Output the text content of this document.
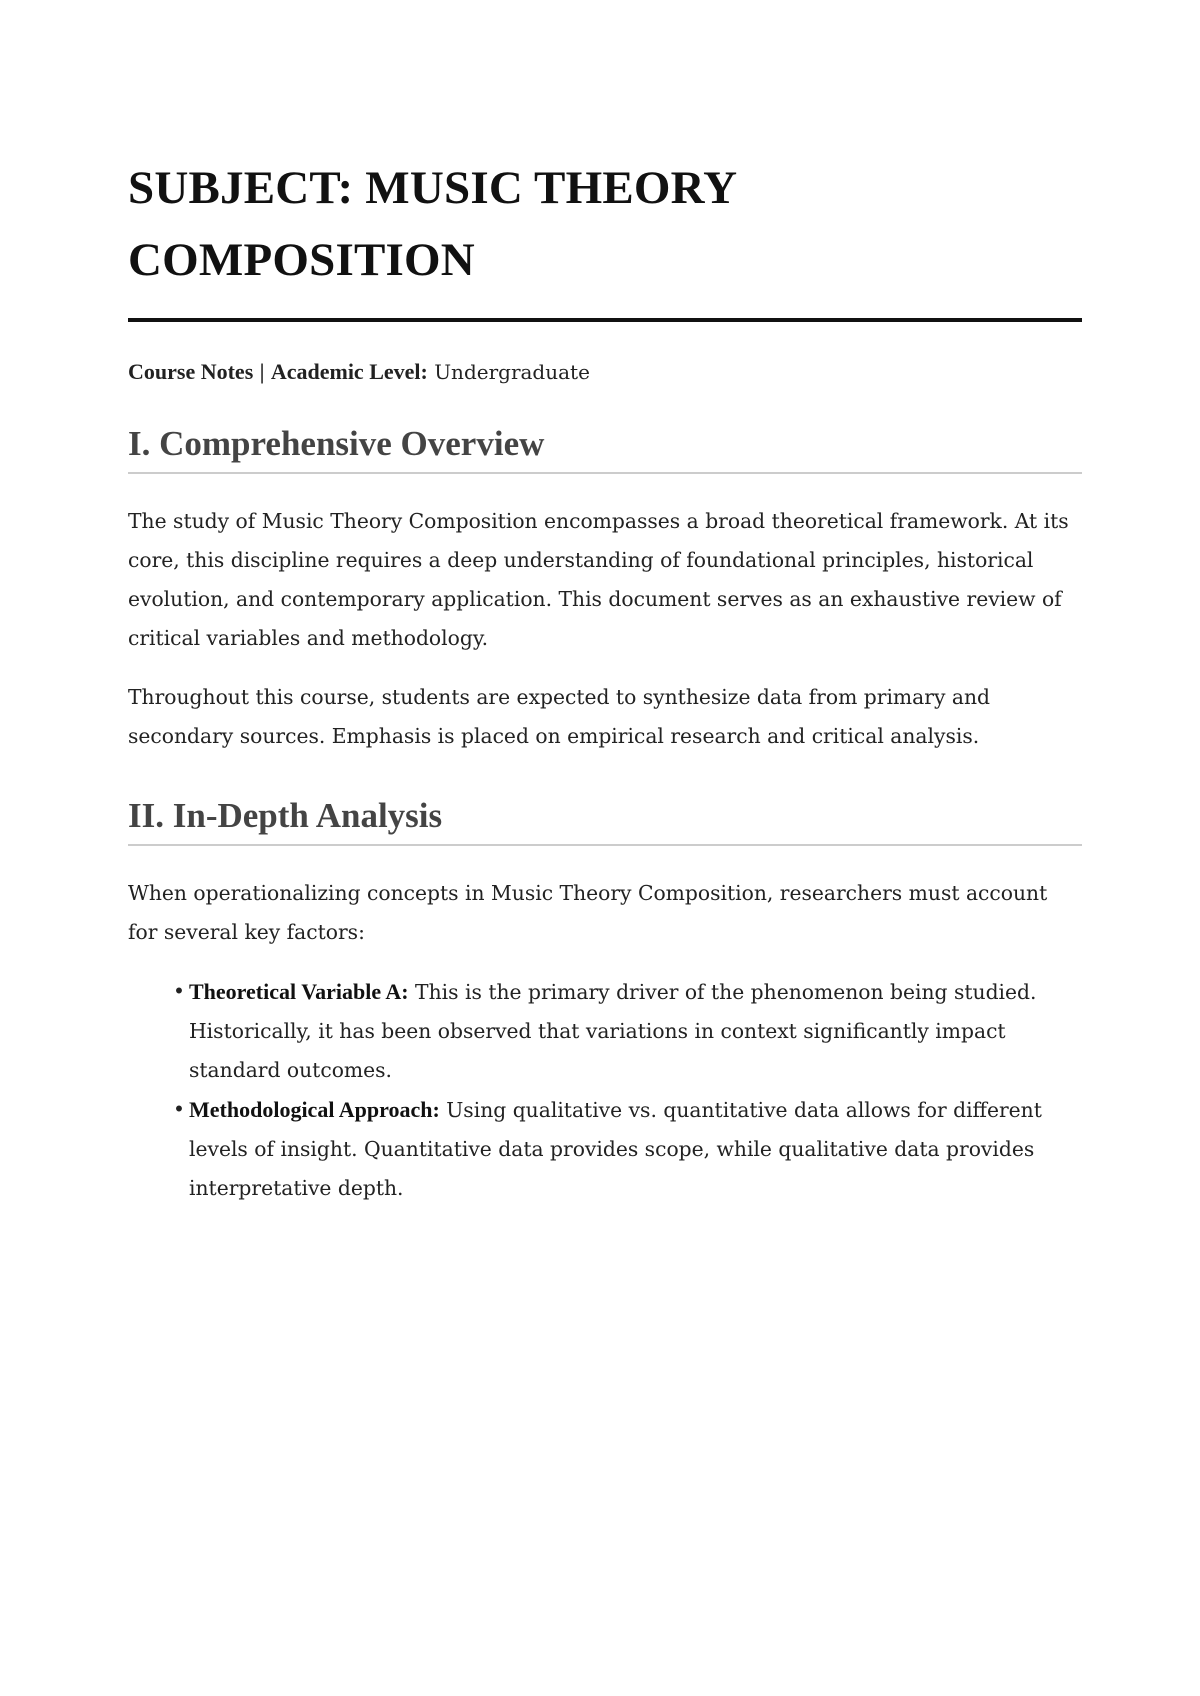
SUBJECT: MUSIC THEORY COMPOSITION
Course Notes | Academic Level: Undergraduate
I. Comprehensive Overview

The study of Music Theory Composition encompasses a broad theoretical framework. At its core, this discipline requires a deep understanding of foundational principles, historical evolution, and contemporary application. This document serves as an exhaustive review of critical variables and methodology.

Throughout this course, students are expected to synthesize data from primary and secondary sources. Emphasis is placed on empirical research and critical analysis.

II. In-Depth Analysis

When operationalizing concepts in Music Theory Composition, researchers must account for several key factors:

• Theoretical Variable A: This is the primary driver of the phenomenon being studied. Historically, it has been observed that variations in context significantly impact standard outcomes.
• Methodological Approach: Using qualitative vs. quantitative data allows for different levels of insight. Quantitative data provides scope, while qualitative data provides interpretative depth.
